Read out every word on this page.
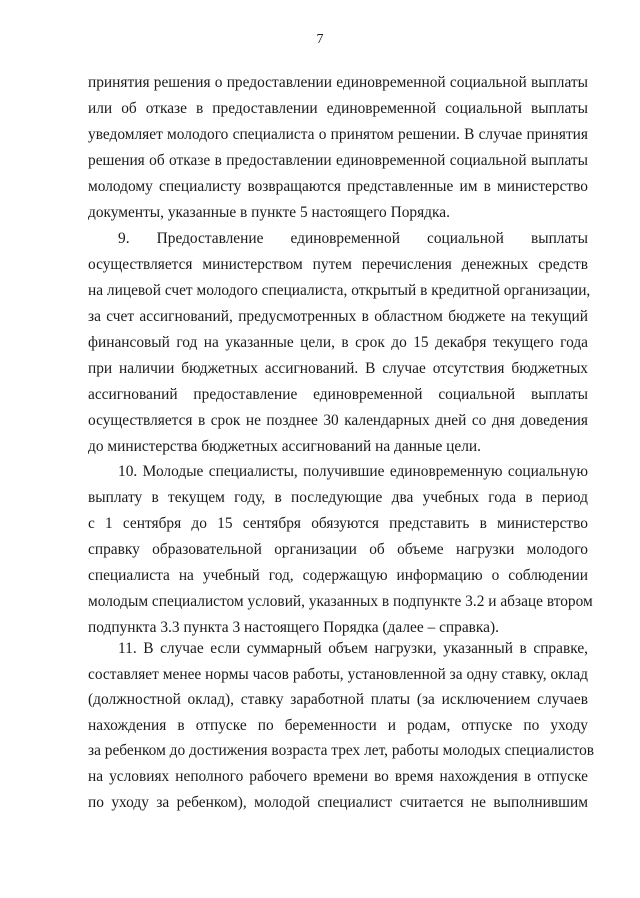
7
принятия решения о предоставлении единовременной социальной выплаты
или об отказе в предоставлении единовременной социальной выплаты
уведомляет молодого специалиста о принятом решении. В случае принятия
решения об отказе в предоставлении единовременной социальной выплаты
молодому специалисту возвращаются представленные им в министерство
документы, указанные в пункте 5 настоящего Порядка.
9. Предоставление единовременной социальной выплаты
осуществляется министерством путем перечисления денежных средств
на лицевой счет молодого специалиста, открытый в кредитной организации,
за счет ассигнований, предусмотренных в областном бюджете на текущий
финансовый год на указанные цели, в срок до 15 декабря текущего года
при наличии бюджетных ассигнований. В случае отсутствия бюджетных
ассигнований предоставление единовременной социальной выплаты
осуществляется в срок не позднее 30 календарных дней со дня доведения
до министерства бюджетных ассигнований на данные цели.
10. Молодые специалисты, получившие единовременную социальную
выплату в текущем году, в последующие два учебных года в период
с 1 сентября до 15 сентября обязуются представить в министерство
справку образовательной организации об объеме нагрузки молодого
специалиста на учебный год, содержащую информацию о соблюдении
молодым специалистом условий, указанных в подпункте 3.2 и абзаце втором
подпункта 3.3 пункта 3 настоящего Порядка (далее – справка).
11. В случае если суммарный объем нагрузки, указанный в справке,
составляет менее нормы часов работы, установленной за одну ставку, оклад
(должностной оклад), ставку заработной платы (за исключением случаев
нахождения в отпуске по беременности и родам, отпуске по уходу
за ребенком до достижения возраста трех лет, работы молодых специалистов
на условиях неполного рабочего времени во время нахождения в отпуске
по уходу за ребенком), молодой специалист считается не выполнившим
